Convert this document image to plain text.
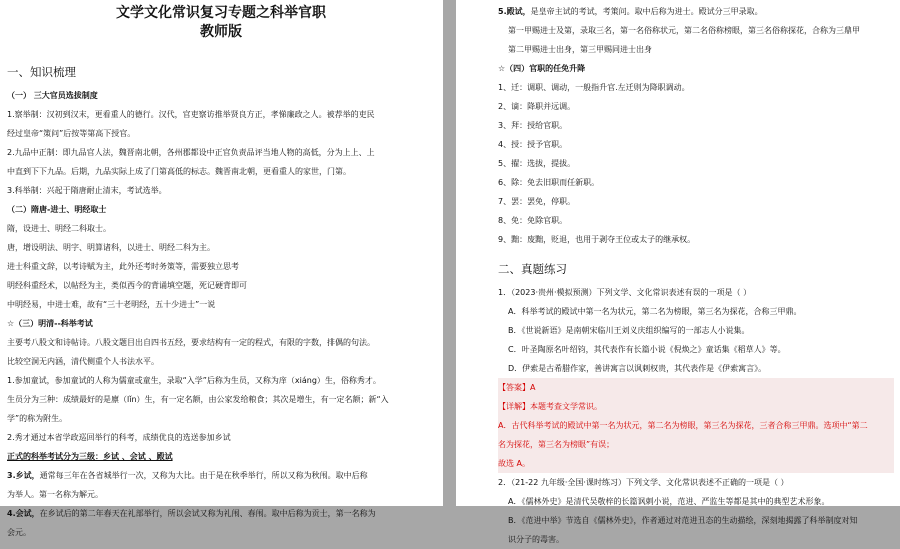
文学文化常识复习专题之科举官职
教师版
一、知识梳理
（一） 三大官员选拔制度
1.察举制：汉初到汉末，更看重人的德行。汉代，官吏察访推举贤良方正，孝悌廉政之人。被荐举的吏民
经过皇帝“策问”后按等第高下授官。
2.九品中正制：即九品官人法，魏晋南北朝，各州郡都设中正官负责品评当地人物的高低，分为上上、上
中直到下下九品。后期，九品实际上成了门第高低的标志。魏晋南北朝，更看重人的家世，门第。
3.科举制：兴起于隋唐耐止清末，考试选举。
（二）隋唐-进士、明经取士
隋，设进士、明经二科取士。
唐，增设明法、明字、明算诸科，以进士、明经二科为主。
进士科重文辞，以考诗赋为主，此外还考时务策等，需要独立思考
明经科重经术，以帖经为主，类似西今的背诵填空题，死记硬背即可
中明经易，中进士难，故有“三十老明经，五十少进士”一说
☆（三）明清--科举考试
主要考八股文和诗帖诗。八股文题目出自四书五经，要求结构有一定的程式，有限的字数，排偶的句法。
比较空洞无内涵，清代侧重个人书法水平。
1.参加童试，参加童试的人称为儒童或童生，录取“入学”后称为生员，又称为庠（xiáng）生，俗称秀才。
生员分为三种：成绩最好的是廪（lǐn）生，有一定名额，由公家发给粮食；其次是增生，有一定名额；新“入
学”的称为附生。
2.秀才通过本省学政巡回举行的科考，成绩优良的选送参加乡试
正式的科举考试分为三级：乡试 、会试 、殿试
3.乡试，通常每三年在各省城举行一次，又称为大比。由于是在秋季举行，所以又称为秋闱。取中后称
为举人。第一名称为解元。
4.会试，在乡试后的第二年春天在礼部举行，所以会试又称为礼闱、春闱。取中后称为贡士，第一名称为
会元。
5.殿试，是皇帝主试的考试，考策问。取中后称为进士。殿试分三甲录取。
第一甲赐进士及第，录取三名，第一名俗称状元，第二名俗称榜眼，第三名俗称探花，合称为三鼎甲
第二甲赐进士出身，第三甲赐同进士出身
☆（四）官职的任免升降
1、迁：调职、调动，一般指升官.左迁则为降职调动。
2、谪：降职并远调。
3、拜：授给官职。
4、授：授予官职。
5、擢：选拔，提拔。
6、除：免去旧职而任新职。
7、罢：罢免，停职。
8、免：免除官职。
9、黜：废黜，贬退，也用于剥夺王位或太子的继承权。
二、真题练习
1．（2023·贵州·模拟预测）下列文学、文化常识表述有误的一项是（ ）
A．科举考试的殿试中第一名为状元，第二名为榜眼，第三名为探花，合称三甲鼎。
B．《世说新语》是南朝宋临川王刘义庆组织编写的一部志人小说集。
C．叶圣陶原名叶绍钧，其代表作有长篇小说《倪焕之》童话集《稻草人》等。
D．伊索是古希腊作家，善讲寓言以讽刺权贵，其代表作是《伊索寓言》。
【答案】A
【详解】本题考查文学常识。
A．古代科举考试的殿试中第一名为状元，第二名为榜眼，第三名为探花，三者合称三甲鼎。选项中“第二
名为探花，第三名为榜眼”有误；
故选 A。
2．（21-22 九年级·全国·课时练习）下列文学、文化常识表述不正确的一项是（ ）
A．《儒林外史》是清代吴敬梓的长篇讽刺小说，范进、严监生等都是其中的典型艺术形象。
B．《范进中举》节选自《儒林外史》，作者通过对范进丑态的生动描绘，深刻地揭露了科举制度对知
识分子的毒害。
